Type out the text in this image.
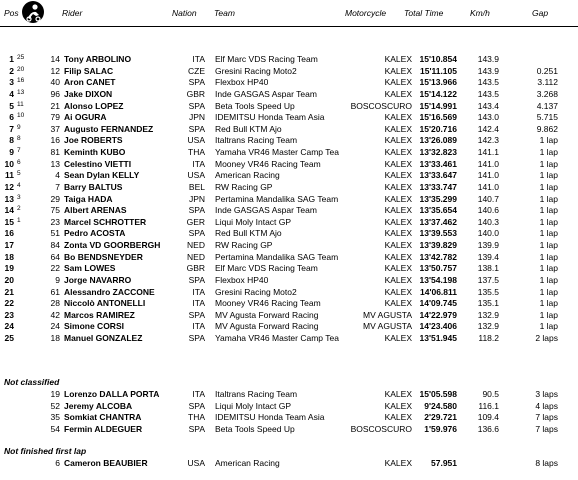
Pos	Rider	Nation Team	Motorcycle Total Time	Km/h	Gap
1 25	14 Tony ARBOLINO	ITA Elf Marc VDS Racing Team	KALEX 15'10.854	143.9
2 20	12 Filip SALAC	CZE Gresini Racing Moto2	KALEX 15'11.105	143.9	0.251
3 16	40 Aron CANET	SPA Flexbox HP40	KALEX 15'13.966	143.5	3.112
4 13	96 Jake DIXON	GBR Inde GASGAS Aspar Team	KALEX 15'14.122	143.5	3.268
5 11	21 Alonso LOPEZ	SPA Beta Tools Speed Up	BOSCOSCURO 15'14.991	143.4	4.137
6 10	79 Ai OGURA	JPN IDEMITSU Honda Team Asia	KALEX 15'16.569	143.0	5.715
7 9	37 Augusto FERNANDEZ	SPA Red Bull KTM Ajo	KALEX 15'20.716	142.4	9.862
8 8	16 Joe ROBERTS	USA Italtrans Racing Team	KALEX 13'26.089	142.3	1 lap
9 7	81 Keminth KUBO	THA Yamaha VR46 Master Camp Tea	KALEX 13'32.823	141.1	1 lap
10 6	13 Celestino VIETTI	ITA Mooney VR46 Racing Team	KALEX 13'33.461	141.0	1 lap
11 5	4 Sean Dylan KELLY	USA American Racing	KALEX 13'33.647	141.0	1 lap
12 4	7 Barry BALTUS	BEL RW Racing GP	KALEX 13'33.747	141.0	1 lap
13 3	29 Taiga HADA	JPN Pertamina Mandalika SAG Team	KALEX 13'35.299	140.7	1 lap
14 2	75 Albert ARENAS	SPA Inde GASGAS Aspar Team	KALEX 13'35.654	140.6	1 lap
15 1	23 Marcel SCHROTTER	GER Liqui Moly Intact GP	KALEX 13'37.462	140.3	1 lap
16	51 Pedro ACOSTA	SPA Red Bull KTM Ajo	KALEX 13'39.553	140.0	1 lap
17	84 Zonta VD GOORBERGH	NED RW Racing GP	KALEX 13'39.829	139.9	1 lap
18	64 Bo BENDSNEYDER	NED Pertamina Mandalika SAG Team	KALEX 13'42.782	139.4	1 lap
19	22 Sam LOWES	GBR Elf Marc VDS Racing Team	KALEX 13'50.757	138.1	1 lap
20	9 Jorge NAVARRO	SPA Flexbox HP40	KALEX 13'54.198	137.5	1 lap
21	61 Alessandro ZACCONE	ITA Gresini Racing Moto2	KALEX 14'06.811	135.5	1 lap
22	28 Niccolò ANTONELLI	ITA Mooney VR46 Racing Team	KALEX 14'09.745	135.1	1 lap
23	42 Marcos RAMIREZ	SPA MV Agusta Forward Racing	MV AGUSTA 14'22.979	132.9	1 lap
24	24 Simone CORSI	ITA MV Agusta Forward Racing	MV AGUSTA 14'23.406	132.9	1 lap
25	18 Manuel GONZALEZ	SPA Yamaha VR46 Master Camp Tea	KALEX 13'51.945	118.2	2 laps
Not classified
19 Lorenzo DALLA PORTA	ITA Italtrans Racing Team	KALEX 15'05.598	90.5	3 laps
52 Jeremy ALCOBA	SPA Liqui Moly Intact GP	KALEX	9'24.580	116.1	4 laps
35 Somkiat CHANTRA	THA IDEMITSU Honda Team Asia	KALEX	2'29.721	109.4	7 laps
54 Fermin ALDEGUER	SPA Beta Tools Speed Up	BOSCOSCURO	1'59.976	136.6	7 laps
Not finished first lap
6 Cameron BEAUBIER	USA American Racing	KALEX	57.951	8 laps
